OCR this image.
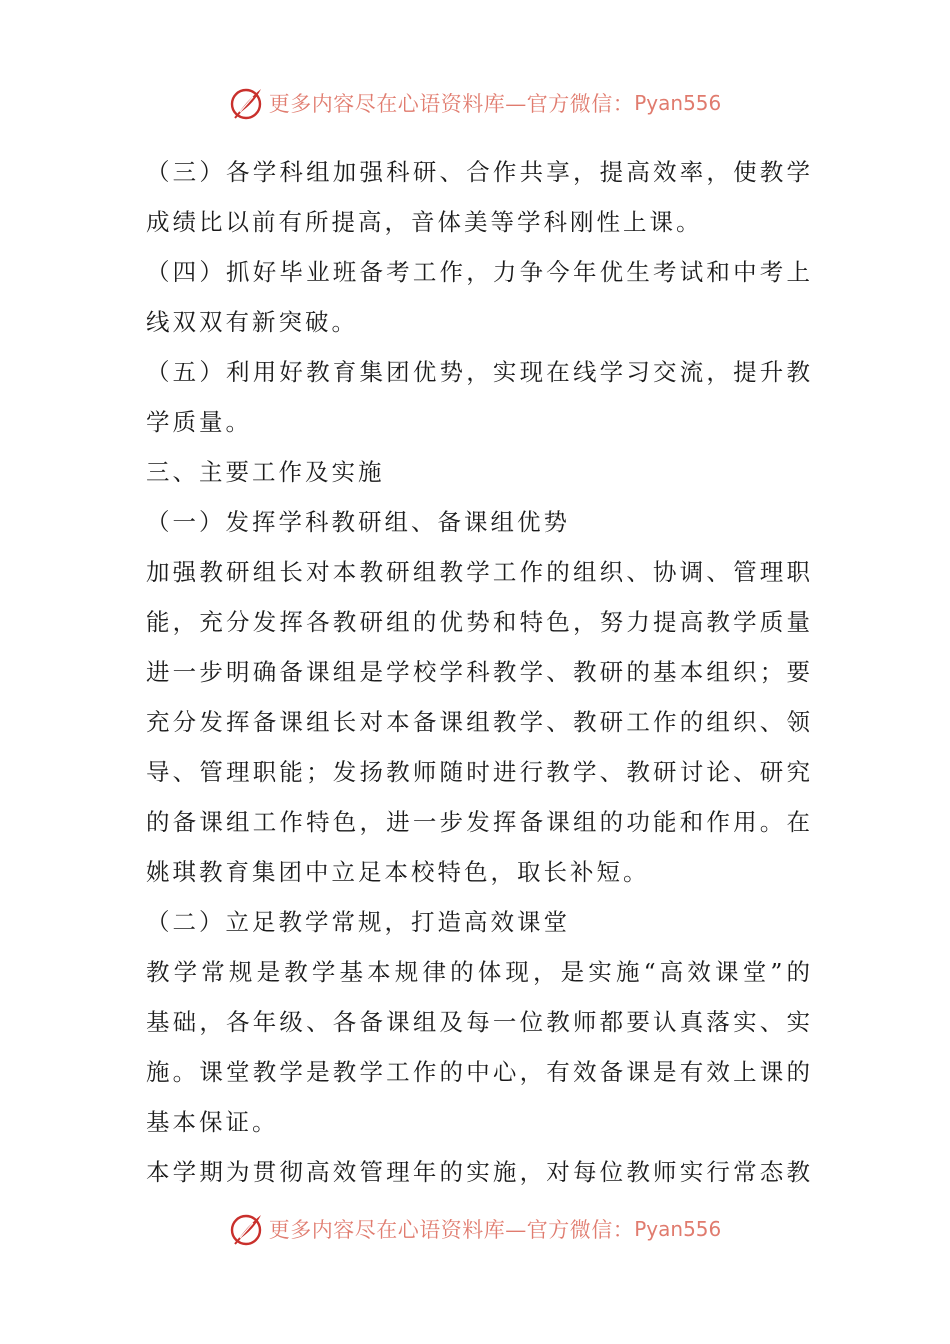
更多内容尽在心语资料库—官方微信： Pyan556
（三）各学科组加强科研、合作共享，提高效率，使教学
成绩比以前有所提高，音体美等学科刚性上课。
（四）抓好毕业班备考工作，力争今年优生考试和中考上
线双双有新突破。
（五）利用好教育集团优势，实现在线学习交流，提升教
学质量。
三、主要工作及实施
（一）发挥学科教研组、备课组优势
加强教研组长对本教研组教学工作的组织、协调、管理职
能，充分发挥各教研组的优势和特色，努力提高教学质量
进一步明确备课组是学校学科教学、教研的基本组织；要
充分发挥备课组长对本备课组教学、教研工作的组织、领
导、管理职能；发扬教师随时进行教学、教研讨论、研究
的备课组工作特色，进一步发挥备课组的功能和作用。在
姚琪教育集团中立足本校特色，取长补短。
（二）立足教学常规，打造高效课堂
教学常规是教学基本规律的体现，是实施“高效课堂”的
基础，各年级、各备课组及每一位教师都要认真落实、实
施。课堂教学是教学工作的中心，有效备课是有效上课的
基本保证。
本学期为贯彻高效管理年的实施，对每位教师实行常态教
更多内容尽在心语资料库—官方微信： Pyan556
